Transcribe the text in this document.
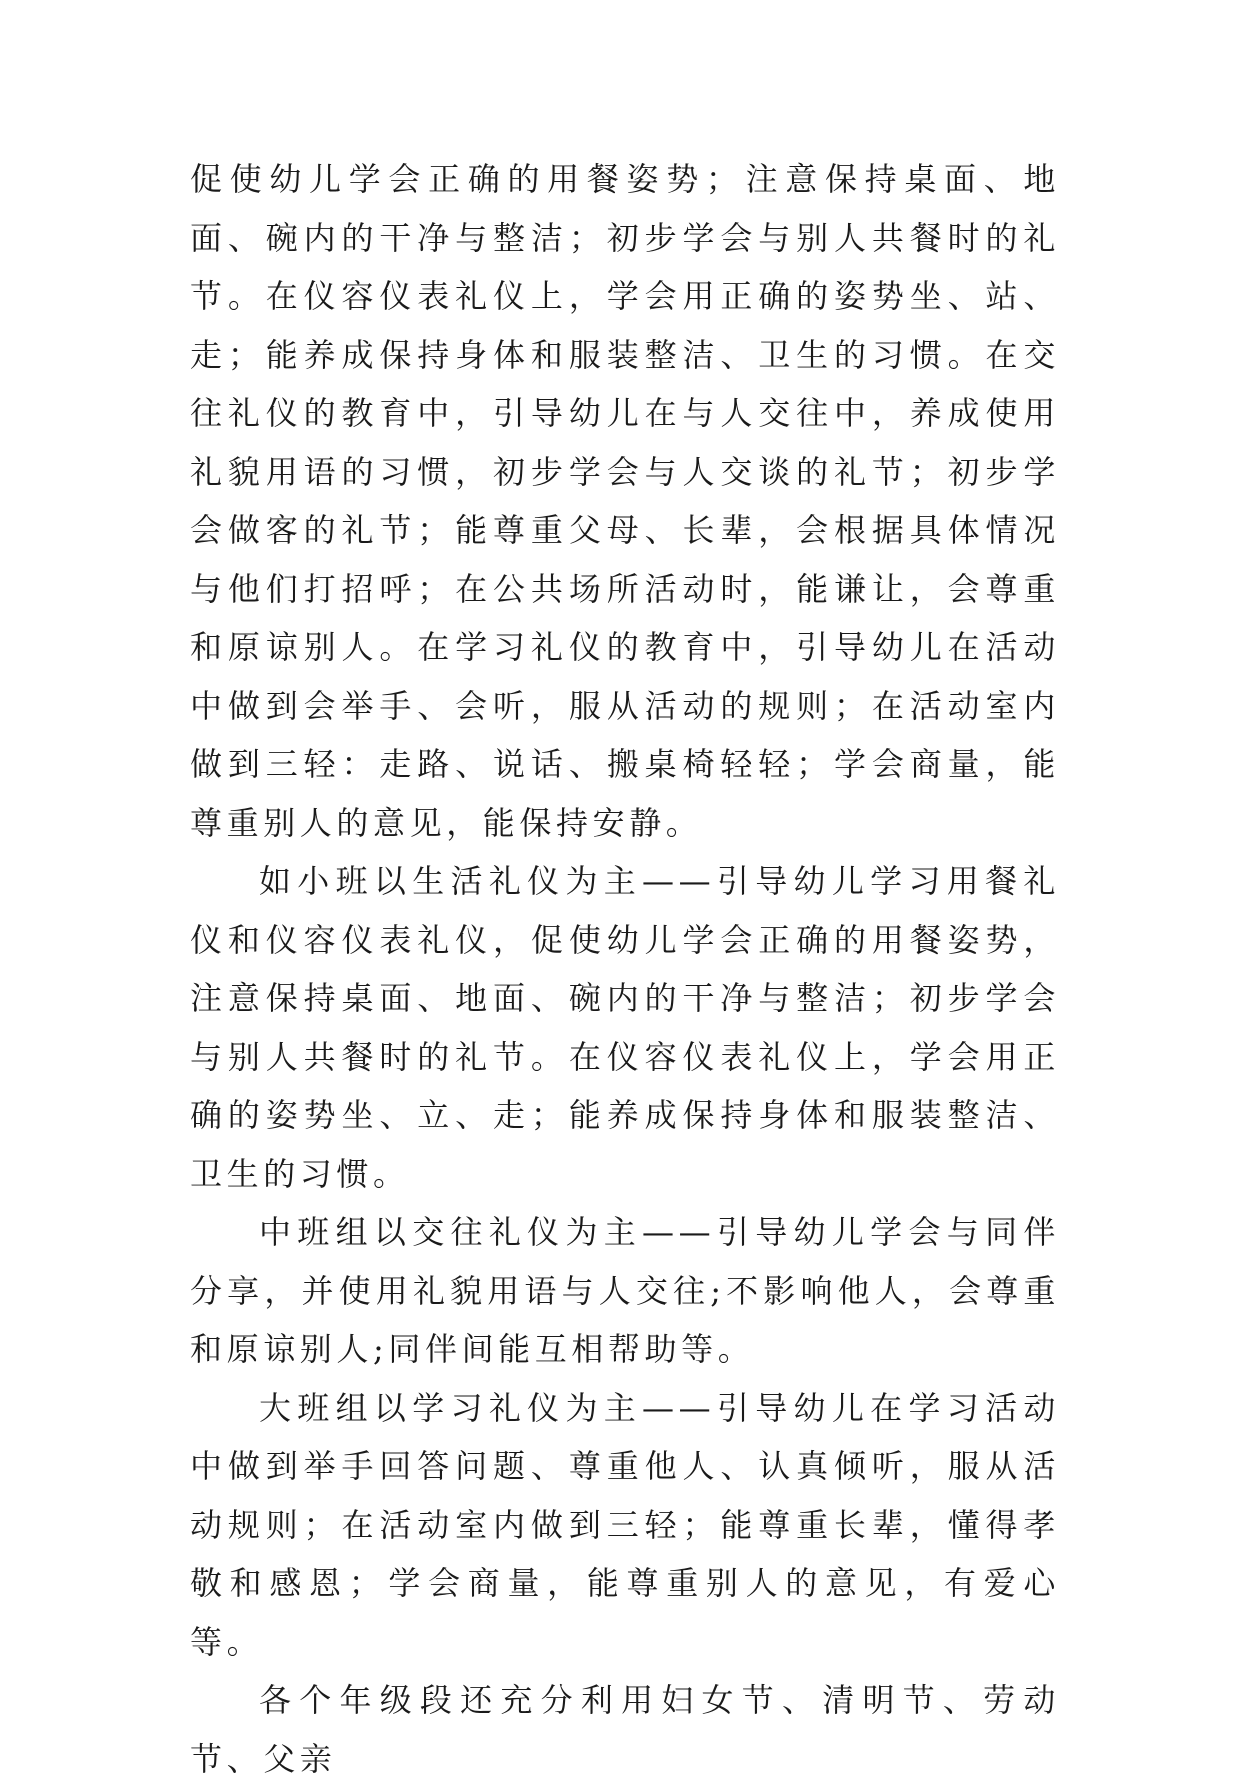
促使幼儿学会正确的用餐姿势；注意保持桌面、地面、碗内的干净与整洁；初步学会与别人共餐时的礼节。在仪容仪表礼仪上，学会用正确的姿势坐、站、走；能养成保持身体和服装整洁、卫生的习惯。在交往礼仪的教育中，引导幼儿在与人交往中，养成使用礼貌用语的习惯，初步学会与人交谈的礼节；初步学会做客的礼节；能尊重父母、长辈，会根据具体情况与他们打招呼；在公共场所活动时，能谦让，会尊重和原谅别人。在学习礼仪的教育中，引导幼儿在活动中做到会举手、会听，服从活动的规则；在活动室内做到三轻：走路、说话、搬桌椅轻轻；学会商量，能尊重别人的意见，能保持安静。

如小班以生活礼仪为主——引导幼儿学习用餐礼仪和仪容仪表礼仪，促使幼儿学会正确的用餐姿势，注意保持桌面、地面、碗内的干净与整洁；初步学会与别人共餐时的礼节。在仪容仪表礼仪上，学会用正确的姿势坐、立、走；能养成保持身体和服装整洁、卫生的习惯。

中班组以交往礼仪为主——引导幼儿学会与同伴分享，并使用礼貌用语与人交往;不影响他人，会尊重和原谅别人;同伴间能互相帮助等。

大班组以学习礼仪为主——引导幼儿在学习活动中做到举手回答问题、尊重他人、认真倾听，服从活动规则；在活动室内做到三轻；能尊重长辈，懂得孝敬和感恩；学会商量，能尊重别人的意见，有爱心等。

各个年级段还充分利用妇女节、清明节、劳动节、父亲
